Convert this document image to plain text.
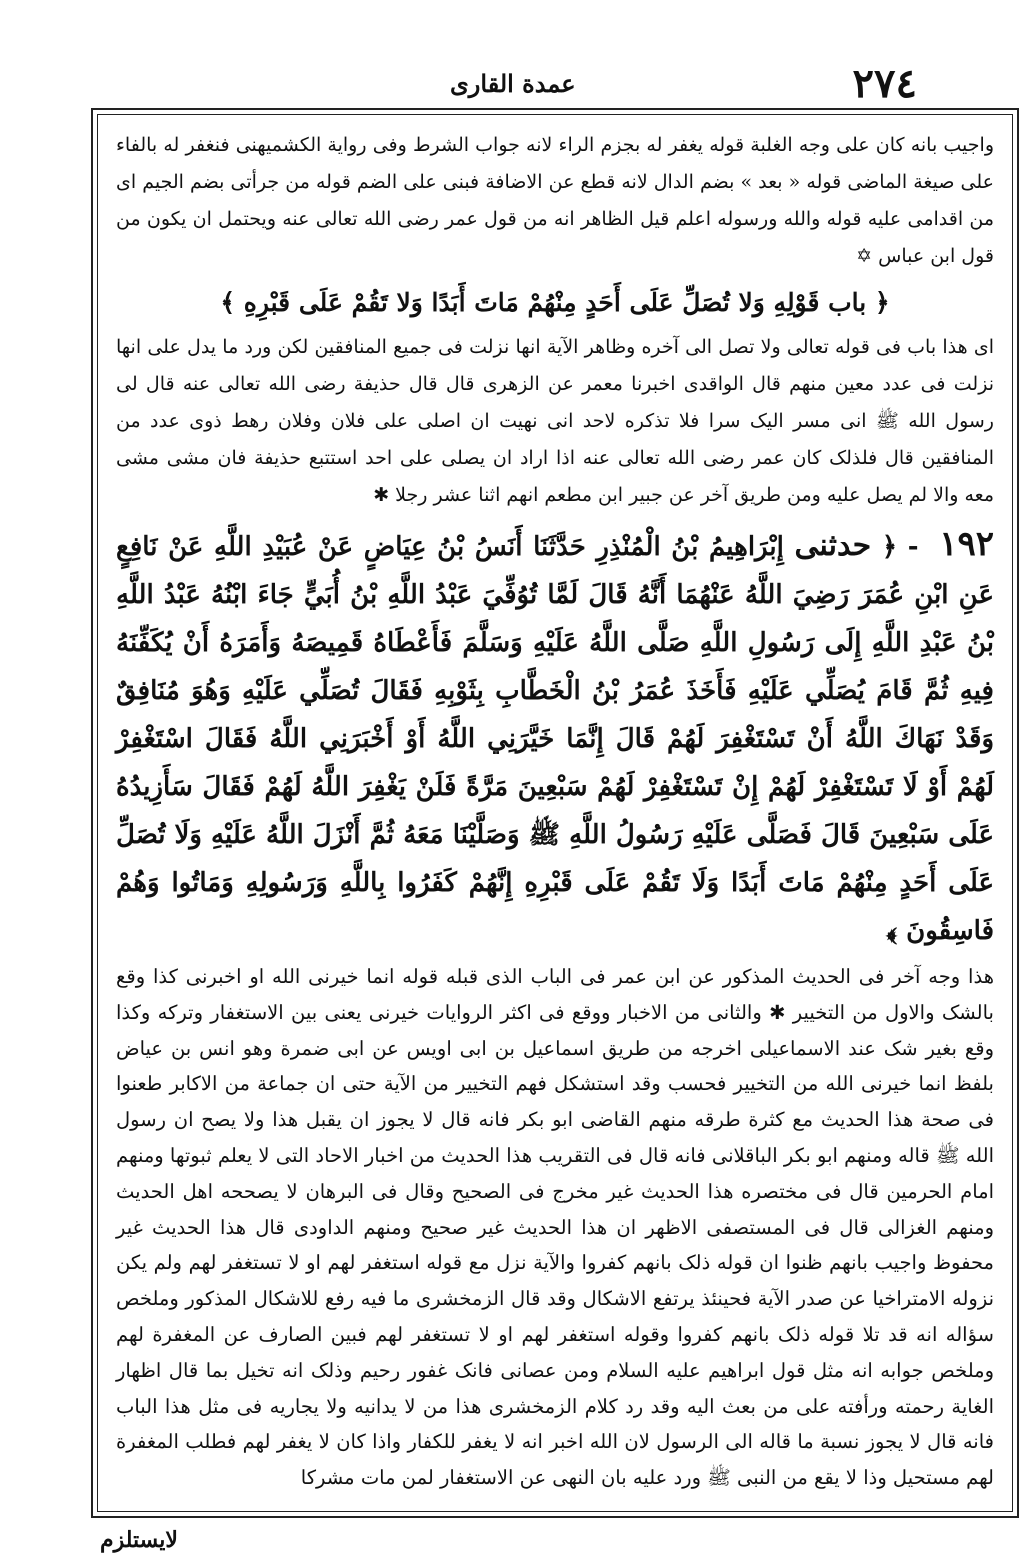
۲۷٤
عمدة القاری

واجیب بانه کان علی وجه الغلبة قوله یغفر له بجزم الراء لانه جواب الشرط وفی روایة الکشمیهنی فنغفر له بالفاء علی صیغة الماضی قوله « بعد » بضم الدال لانه قطع عن الاضافة فبنی علی الضم قوله من جرأتی بضم الجیم ای من اقدامی علیه قوله والله ورسوله اعلم قیل الظاهر انه من قول عمر رضی الله تعالی عنه ویحتمل ان یکون من قول ابن عباس ✡

﴿ باب قَوْلِهِ وَلا تُصَلِّ عَلَى أَحَدٍ مِنْهُمْ مَاتَ أَبَدًا وَلا تَقُمْ عَلَى قَبْرِهِ ﴾

ای هذا باب فی قوله تعالی ولا تصل الی آخره وظاهر الآیة انها نزلت فی جمیع المنافقین لکن ورد ما یدل علی انها نزلت فی عدد معین منهم قال الواقدی اخبرنا معمر عن الزهری قال قال حذیفة رضی الله تعالی عنه قال لی رسول الله ﷺ انی مسر الیک سرا فلا تذکره لاحد انی نهیت ان اصلی علی فلان وفلان رهط ذوی عدد من المنافقین قال فلذلک کان عمر رضی الله تعالی عنه اذا اراد ان یصلی علی احد استتبع حذیفة فان مشی مشی معه والا لم یصل علیه ومن طریق آخر عن جبیر ابن مطعم انهم اثنا عشر رجلا ✱

۱۹۲ - ﴿ حدثنی إِبْرَاهِيمُ بْنُ الْمُنْذِرِ حَدَّثَنَا أَنَسُ بْنُ عِيَاضٍ عَنْ عُبَيْدِ اللَّهِ عَنْ نَافِعٍ عَنِ ابْنِ عُمَرَ رَضِيَ اللَّهُ عَنْهُمَا أَنَّهُ قَالَ لَمَّا تُوُفِّيَ عَبْدُ اللَّهِ بْنُ أُبَيٍّ جَاءَ ابْنُهُ عَبْدُ اللَّهِ بْنُ عَبْدِ اللَّهِ إِلَى رَسُولِ اللَّهِ صَلَّى اللَّهُ عَلَيْهِ وَسَلَّمَ فَأَعْطَاهُ قَمِيصَهُ وَأَمَرَهُ أَنْ يُكَفِّنَهُ فِيهِ ثُمَّ قَامَ يُصَلِّي عَلَيْهِ فَأَخَذَ عُمَرُ بْنُ الْخَطَّابِ بِثَوْبِهِ فَقَالَ تُصَلِّي عَلَيْهِ وَهُوَ مُنَافِقٌ وَقَدْ نَهَاكَ اللَّهُ أَنْ تَسْتَغْفِرَ لَهُمْ قَالَ إِنَّمَا خَيَّرَنِي اللَّهُ أَوْ أَخْبَرَنِي اللَّهُ فَقَالَ اسْتَغْفِرْ لَهُمْ أَوْ لَا تَسْتَغْفِرْ لَهُمْ إِنْ تَسْتَغْفِرْ لَهُمْ سَبْعِينَ مَرَّةً فَلَنْ يَغْفِرَ اللَّهُ لَهُمْ فَقَالَ سَأَزِيدُهُ عَلَى سَبْعِينَ قَالَ فَصَلَّى عَلَيْهِ رَسُولُ اللَّهِ ﷺ وَصَلَّيْنَا مَعَهُ ثُمَّ أَنْزَلَ اللَّهُ عَلَيْهِ وَلَا تُصَلِّ عَلَى أَحَدٍ مِنْهُمْ مَاتَ أَبَدًا وَلَا تَقُمْ عَلَى قَبْرِهِ إِنَّهُمْ كَفَرُوا بِاللَّهِ وَرَسُولِهِ وَمَاتُوا وَهُمْ فَاسِقُونَ ﴾

هذا وجه آخر فی الحدیث المذکور عن ابن عمر فی الباب الذی قبله قوله انما خیرنی الله او اخبرنی کذا وقع بالشک والاول من التخییر ✱ والثانی من الاخبار ووقع فی اکثر الروایات خیرنی یعنی بین الاستغفار وترکه وکذا وقع بغیر شک عند الاسماعیلی اخرجه من طریق اسماعیل بن ابی اویس عن ابی ضمرة وهو انس بن عیاض بلفظ انما خیرنی الله من التخییر فحسب وقد استشکل فهم التخییر من الآیة حتی ان جماعة من الاکابر طعنوا فی صحة هذا الحدیث مع کثرة طرقه منهم القاضی ابو بکر فانه قال لا یجوز ان یقبل هذا ولا یصح ان رسول الله ﷺ قاله ومنهم ابو بکر الباقلانی فانه قال فی التقریب هذا الحدیث من اخبار الاحاد التی لا یعلم ثبوتها ومنهم امام الحرمین قال فی مختصره هذا الحدیث غیر مخرج فی الصحیح وقال فی البرهان لا یصححه اهل الحدیث ومنهم الغزالی قال فی المستصفی الاظهر ان هذا الحدیث غیر صحیح ومنهم الداودی قال هذا الحدیث غیر محفوظ واجیب بانهم ظنوا ان قوله ذلک بانهم کفروا والآیة نزل مع قوله استغفر لهم او لا تستغفر لهم ولم یکن نزوله الامتراخیا عن صدر الآیة فحینئذ یرتفع الاشکال وقد قال الزمخشری ما فیه رفع للاشکال المذکور وملخص سؤاله انه قد تلا قوله ذلک بانهم کفروا وقوله استغفر لهم او لا تستغفر لهم فبین الصارف عن المغفرة لهم وملخص جوابه انه مثل قول ابراهیم علیه السلام ومن عصانی فانک غفور رحیم وذلک انه تخیل بما قال اظهار الغایة رحمته ورأفته علی من بعث الیه وقد رد کلام الزمخشری هذا من لا یدانیه ولا یجاریه فی مثل هذا الباب فانه قال لا یجوز نسبة ما قاله الی الرسول لان الله اخبر انه لا یغفر للکفار واذا کان لا یغفر لهم فطلب المغفرة لهم مستحیل وذا لا یقع من النبی ﷺ ورد علیه بان النهی عن الاستغفار لمن مات مشرکا

لایستلزم
